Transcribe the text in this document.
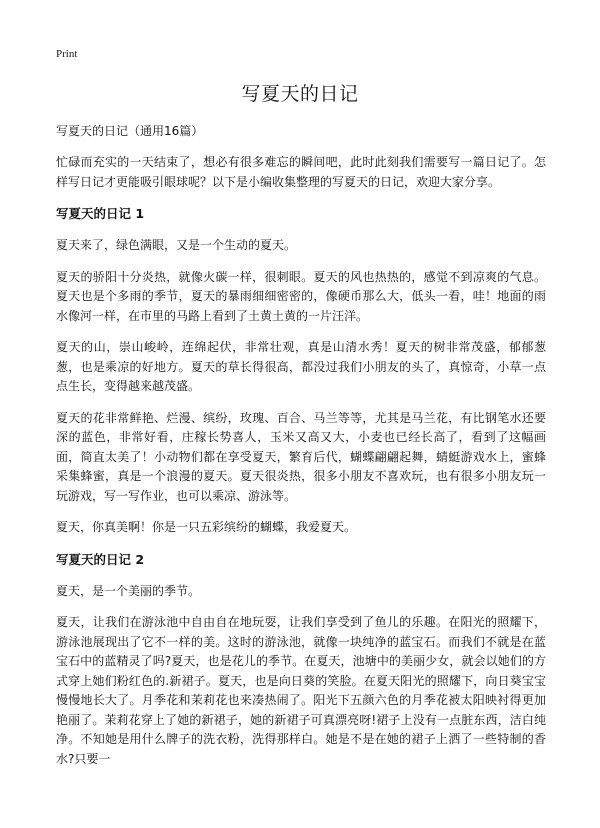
Print
写夏天的日记
写夏天的日记（通用16篇）

忙碌而充实的一天结束了，想必有很多难忘的瞬间吧，此时此刻我们需要写一篇日记了。怎样写日记才更能吸引眼球呢？以下是小编收集整理的写夏天的日记，欢迎大家分享。

写夏天的日记 1

夏天来了，绿色满眼，又是一个生动的夏天。

夏天的骄阳十分炎热，就像火碳一样，很刺眼。夏天的风也热热的，感觉不到凉爽的气息。夏天也是个多雨的季节，夏天的暴雨细细密密的，像硬币那么大，低头一看，哇！地面的雨水像河一样，在市里的马路上看到了土黄土黄的一片汪洋。

夏天的山，崇山峻岭，连绵起伏，非常壮观，真是山清水秀！夏天的树非常茂盛，郁郁葱葱，也是乘凉的好地方。夏天的草长得很高，都没过我们小朋友的头了，真惊奇，小草一点点生长，变得越来越茂盛。

夏天的花非常鲜艳、烂漫、缤纷，玫瑰、百合、马兰等等，尤其是马兰花，有比钢笔水还要深的蓝色，非常好看，庄稼长势喜人，玉米又高又大，小麦也已经长高了，看到了这幅画面，简直太美了！小动物们都在享受夏天，繁育后代，蝴蝶翩翩起舞，蜻蜓游戏水上，蜜蜂采集蜂蜜，真是一个浪漫的夏天。夏天很炎热，很多小朋友不喜欢玩，也有很多小朋友玩一玩游戏，写一写作业，也可以乘凉、游泳等。

夏天，你真美啊！你是一只五彩缤纷的蝴蝶，我爱夏天。

写夏天的日记 2

夏天，是一个美丽的季节。

夏天，让我们在游泳池中自由自在地玩耍，让我们享受到了鱼儿的乐趣。在阳光的照耀下，游泳池展现出了它不一样的美。这时的游泳池，就像一块纯净的蓝宝石。而我们不就是在蓝宝石中的蓝精灵了吗?夏天，也是花儿的季节。在夏天，池塘中的美丽少女，就会以她们的方式穿上她们粉红色的.新裙子。夏天，也是向日葵的笑脸。在夏天阳光的照耀下，向日葵宝宝慢慢地长大了。月季花和茉莉花也来凑热闹了。阳光下五颜六色的月季花被太阳映衬得更加艳丽了。茉莉花穿上了她的新裙子，她的新裙子可真漂亮呀!裙子上没有一点脏东西，洁白纯净。不知她是用什么牌子的洗衣粉，洗得那样白。她是不是在她的裙子上洒了一些特制的香水?只要一
